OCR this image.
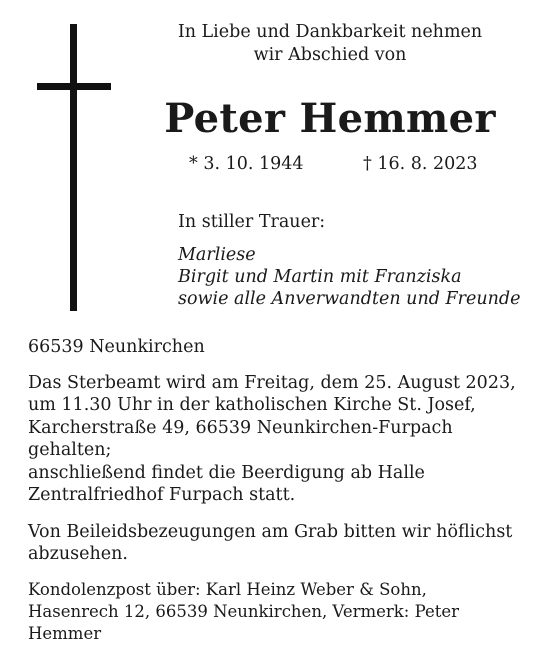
In Liebe und Dankbarkeit nehmen
wir Abschied von
Peter Hemmer
* 3. 10. 1944	† 16. 8. 2023
In stiller Trauer:
Marliese
Birgit und Martin mit Franziska
sowie alle Anverwandten und Freunde
66539 Neunkirchen
Das Sterbeamt wird am Freitag, dem 25. August 2023,
um 11.30 Uhr in der katholischen Kirche St. Josef,
Karcherstraße 49, 66539 Neunkirchen-Furpach gehalten;
anschließend findet die Beerdigung ab Halle
Zentralfriedhof Furpach statt.
Von Beileidsbezeugungen am Grab bitten wir höflichst
abzusehen.
Kondolenzpost über: Karl Heinz Weber & Sohn,
Hasenrech 12, 66539 Neunkirchen, Vermerk: Peter Hemmer
